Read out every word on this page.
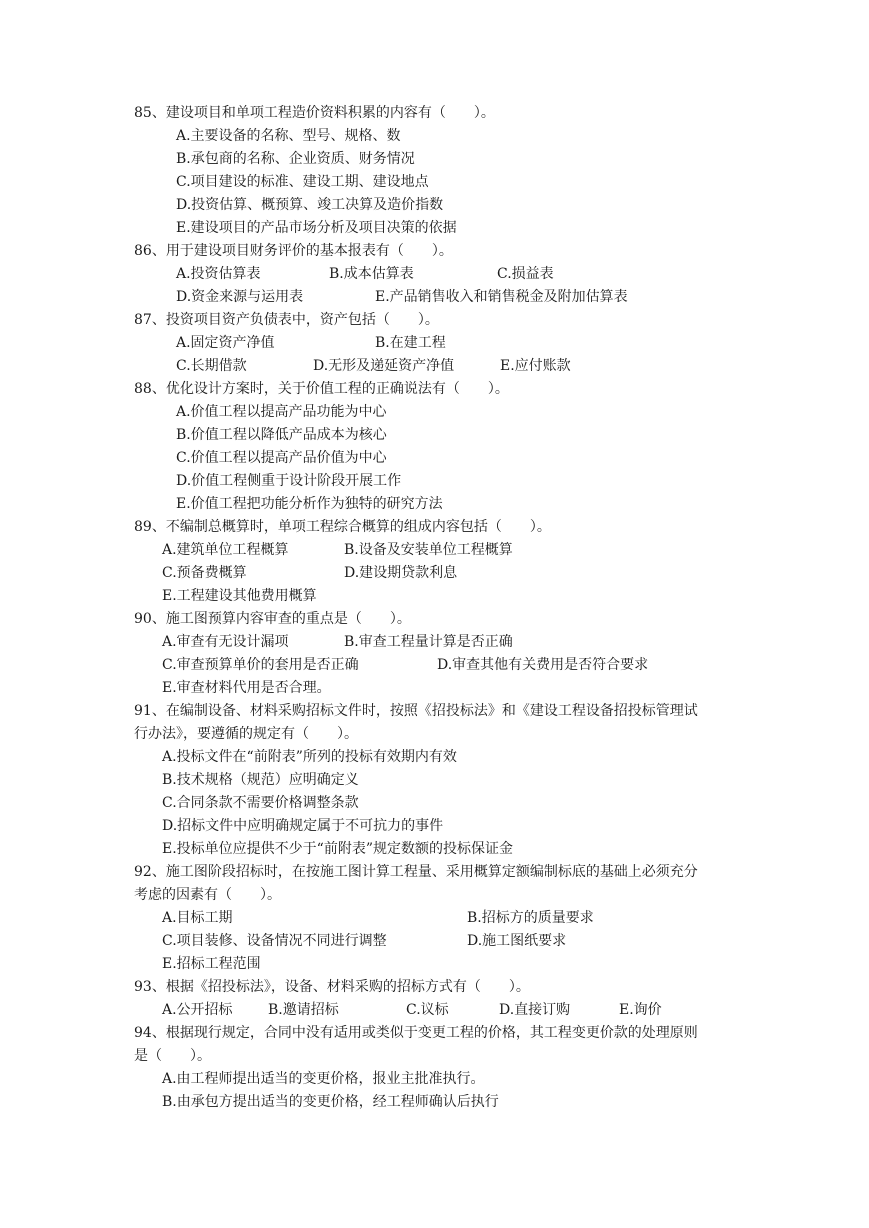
85、建设项目和单项工程造价资料积累的内容有（　　）。
A.主要设备的名称、型号、规格、数
B.承包商的名称、企业资质、财务情况
C.项目建设的标准、建设工期、建设地点
D.投资估算、概预算、竣工决算及造价指数
E.建设项目的产品市场分析及项目决策的依据
86、用于建设项目财务评价的基本报表有（　　）。
A.投资估算表	B.成本估算表	C.损益表
D.资金来源与运用表	E.产品销售收入和销售税金及附加估算表
87、投资项目资产负债表中，资产包括（　　）。
A.固定资产净值	B.在建工程
C.长期借款	D.无形及递延资产净值	E.应付账款
88、优化设计方案时，关于价值工程的正确说法有（　　）。
A.价值工程以提高产品功能为中心
B.价值工程以降低产品成本为核心
C.价值工程以提高产品价值为中心
D.价值工程侧重于设计阶段开展工作
E.价值工程把功能分析作为独特的研究方法
89、不编制总概算时，单项工程综合概算的组成内容包括（　　）。
A.建筑单位工程概算	B.设备及安装单位工程概算
C.预备费概算	D.建设期贷款利息
E.工程建设其他费用概算
90、施工图预算内容审查的重点是（　　）。
A.审查有无设计漏项	B.审查工程量计算是否正确
C.审查预算单价的套用是否正确	D.审查其他有关费用是否符合要求
E.审查材料代用是否合理。
91、在编制设备、材料采购招标文件时，按照《招投标法》和《建设工程设备招投标管理试
行办法》，要遵循的规定有（　　）。
A.投标文件在“前附表”所列的投标有效期内有效
B.技术规格（规范）应明确定义
C.合同条款不需要价格调整条款
D.招标文件中应明确规定属于不可抗力的事件
E.投标单位应提供不少于“前附表”规定数额的投标保证金
92、施工图阶段招标时，在按施工图计算工程量、采用概算定额编制标底的基础上必须充分
考虑的因素有（　　）。
A.目标工期	B.招标方的质量要求
C.项目装修、设备情况不同进行调整	D.施工图纸要求
E.招标工程范围
93、根据《招投标法》，设备、材料采购的招标方式有（　　）。
A.公开招标	B.邀请招标	C.议标	D.直接订购	E.询价
94、根据现行规定，合同中没有适用或类似于变更工程的价格，其工程变更价款的处理原则
是（　　）。
A.由工程师提出适当的变更价格，报业主批准执行。
B.由承包方提出适当的变更价格，经工程师确认后执行
